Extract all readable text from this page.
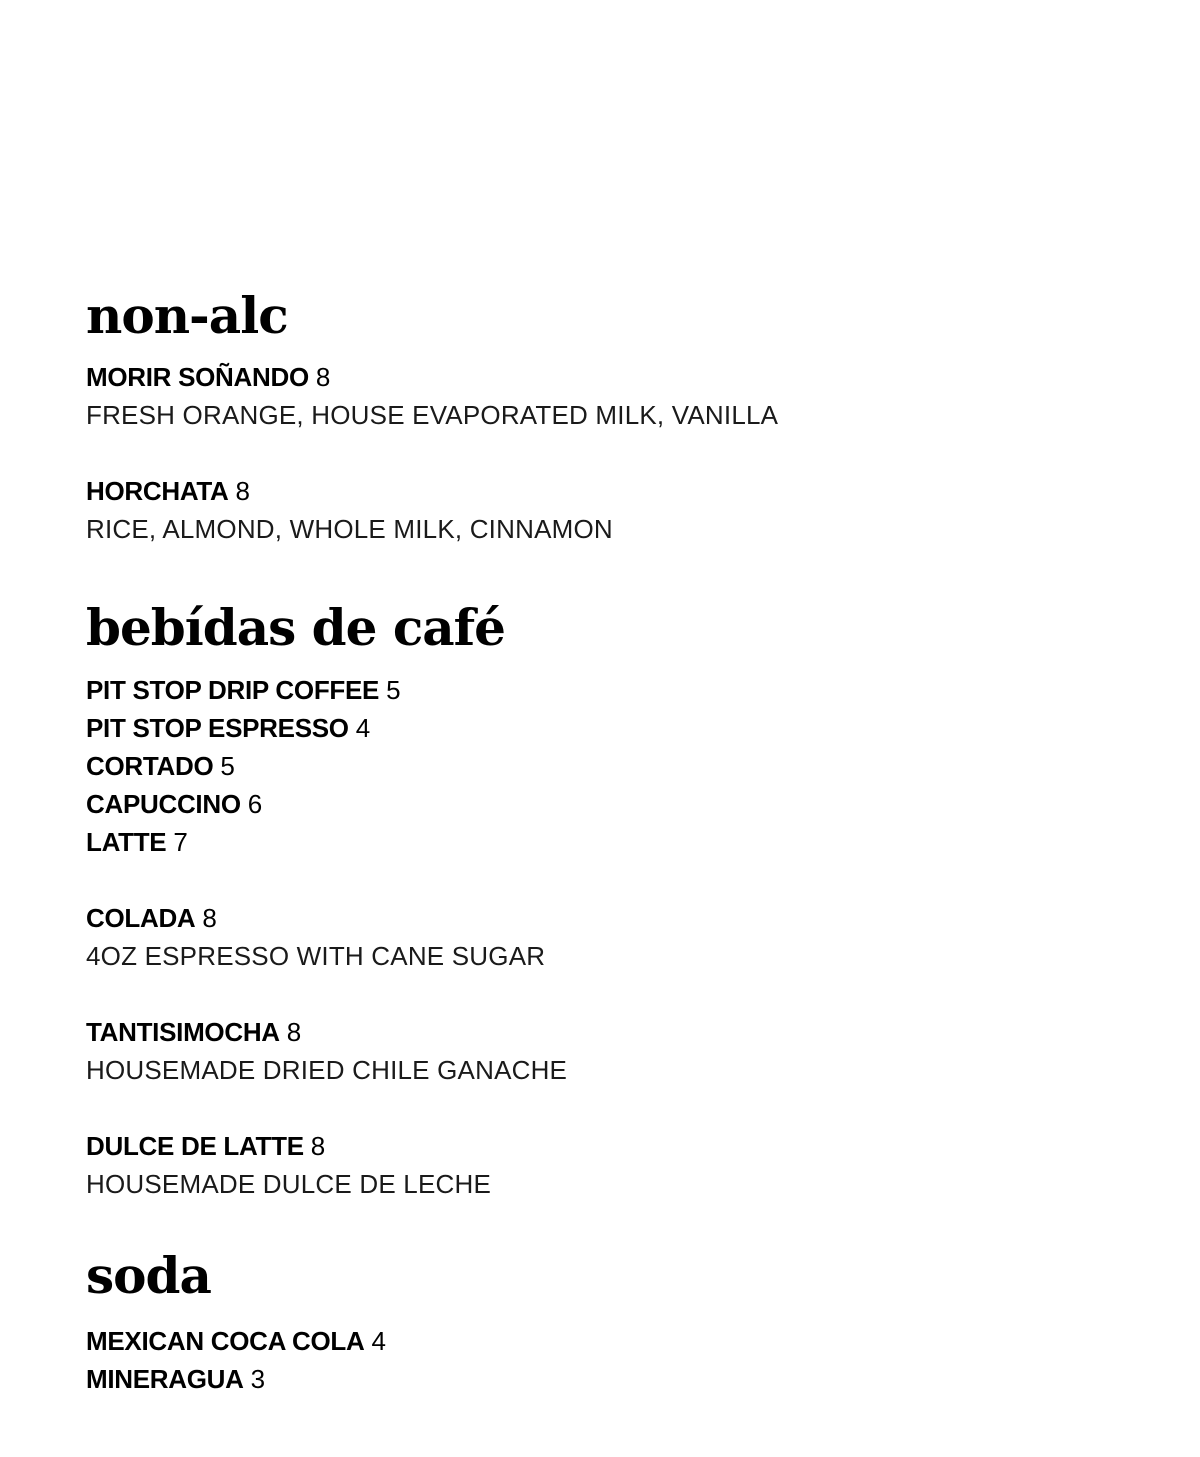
non-alc

MORIR SOÑANDO 8

FRESH ORANGE, HOUSE EVAPORATED MILK, VANILLA

HORCHATA 8

RICE, ALMOND, WHOLE MILK, CINNAMON

bebídas de café

PIT STOP DRIP COFFEE 5

PIT STOP ESPRESSO 4

CORTADO 5

CAPUCCINO 6

LATTE 7

COLADA 8

4OZ ESPRESSO WITH CANE SUGAR

TANTISIMOCHA 8

HOUSEMADE DRIED CHILE GANACHE

DULCE DE LATTE 8

HOUSEMADE DULCE DE LECHE

soda

MEXICAN COCA COLA 4

MINERAGUA 3
